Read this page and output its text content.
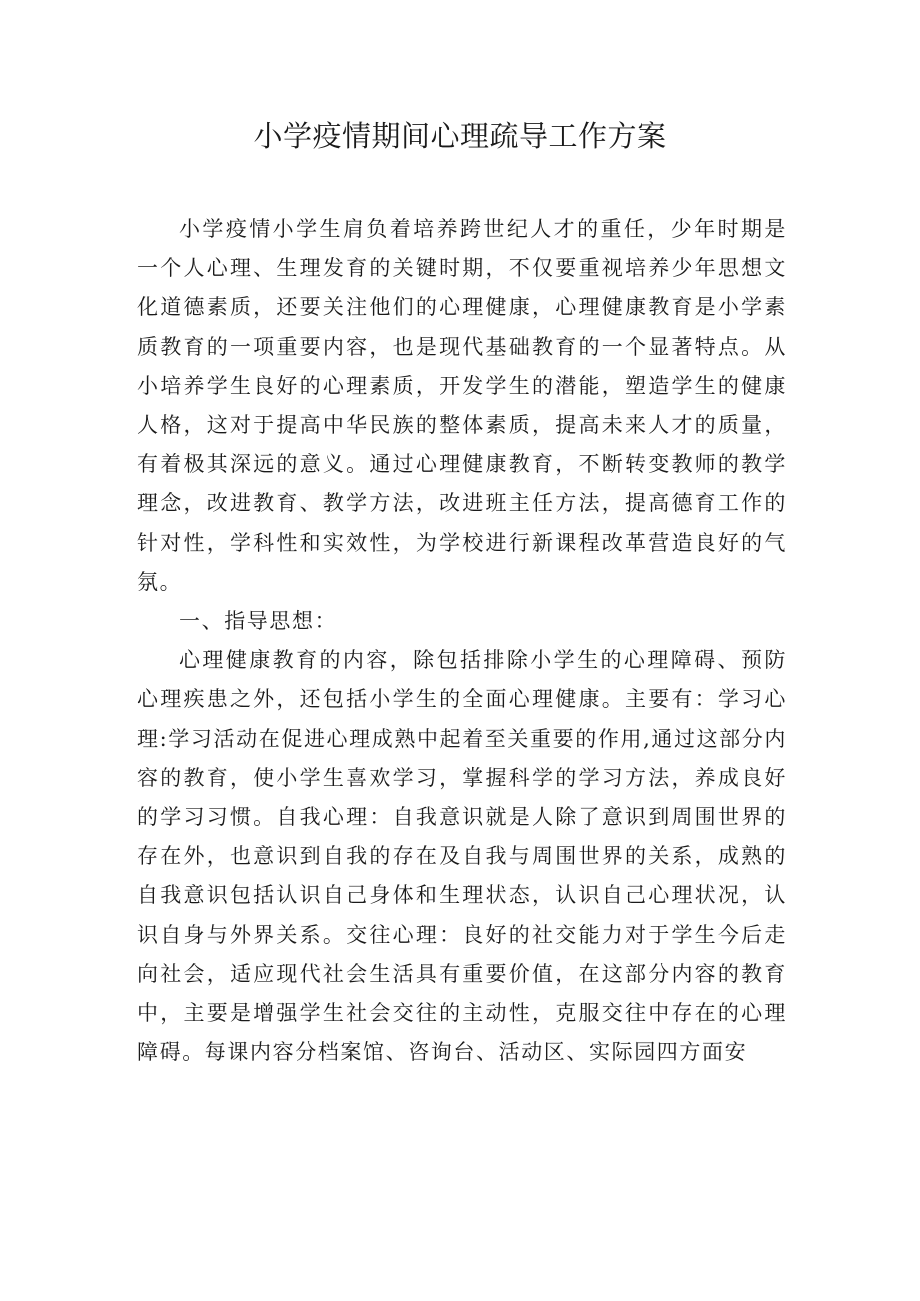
小学疫情期间心理疏导工作方案

小学疫情小学生肩负着培养跨世纪人才的重任，少年时期是一个人心理、生理发育的关键时期，不仅要重视培养少年思想文化道德素质，还要关注他们的心理健康，心理健康教育是小学素质教育的一项重要内容，也是现代基础教育的一个显著特点。从小培养学生良好的心理素质，开发学生的潜能，塑造学生的健康人格，这对于提高中华民族的整体素质，提高未来人才的质量，有着极其深远的意义。通过心理健康教育，不断转变教师的教学理念，改进教育、教学方法，改进班主任方法，提高德育工作的针对性，学科性和实效性，为学校进行新课程改革营造良好的气氛。

一、指导思想：

心理健康教育的内容，除包括排除小学生的心理障碍、预防心理疾患之外，还包括小学生的全面心理健康。主要有：学习心理:学习活动在促进心理成熟中起着至关重要的作用,通过这部分内容的教育，使小学生喜欢学习，掌握科学的学习方法，养成良好的学习习惯。自我心理：自我意识就是人除了意识到周围世界的存在外，也意识到自我的存在及自我与周围世界的关系，成熟的自我意识包括认识自己身体和生理状态，认识自己心理状况，认识自身与外界关系。交往心理：良好的社交能力对于学生今后走向社会，适应现代社会生活具有重要价值，在这部分内容的教育中，主要是增强学生社会交往的主动性，克服交往中存在的心理障碍。每课内容分档案馆、咨询台、活动区、实际园四方面安
